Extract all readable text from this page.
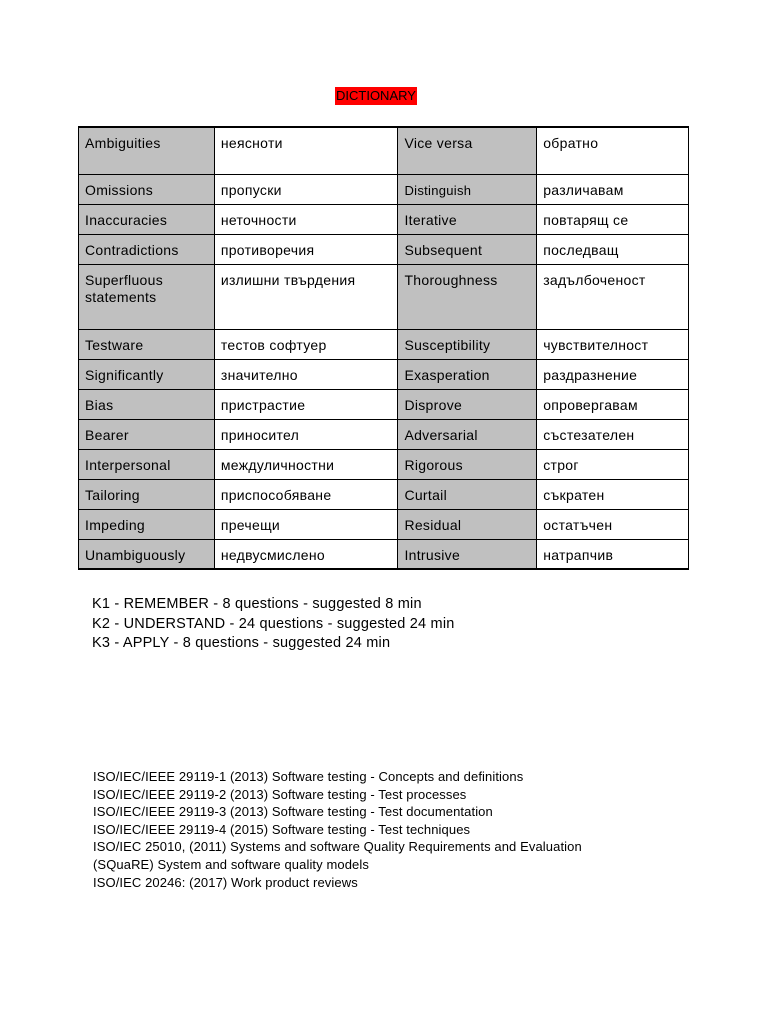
DICTIONARY
Ambiguities	неясноти	Vice versa	обратно
Omissions	пропуски	Distinguish	различавам
Inaccuracies	неточности	Iterative	повтарящ се
Contradictions	противоречия	Subsequent	последващ
Superfluous statements	излишни твърдения	Thoroughness	задълбоченост
Testware	тестов софтуер	Susceptibility	чувствителност
Significantly	значително	Exasperation	раздразнение
Bias	пристрастие	Disprove	опровергавам
Bearer	приносител	Adversarial	състезателен
Interpersonal	междуличностни	Rigorous	строг
Tailoring	приспособяване	Curtail	съкратен
Impeding	пречещи	Residual	остатъчен
Unambiguously	недвусмислено	Intrusive	натрапчив
K1 - REMEMBER - 8 questions - suggested 8 min
K2 - UNDERSTAND - 24 questions - suggested 24 min
K3 - APPLY - 8 questions - suggested 24 min
ISO/IEC/IEEE 29119-1 (2013) Software testing - Concepts and definitions
ISO/IEC/IEEE 29119-2 (2013) Software testing - Test processes
ISO/IEC/IEEE 29119-3 (2013) Software testing - Test documentation
ISO/IEC/IEEE 29119-4 (2015) Software testing - Test techniques
ISO/IEC 25010, (2011) Systems and software Quality Requirements and Evaluation
(SQuaRE) System and software quality models
ISO/IEC 20246: (2017) Work product reviews
